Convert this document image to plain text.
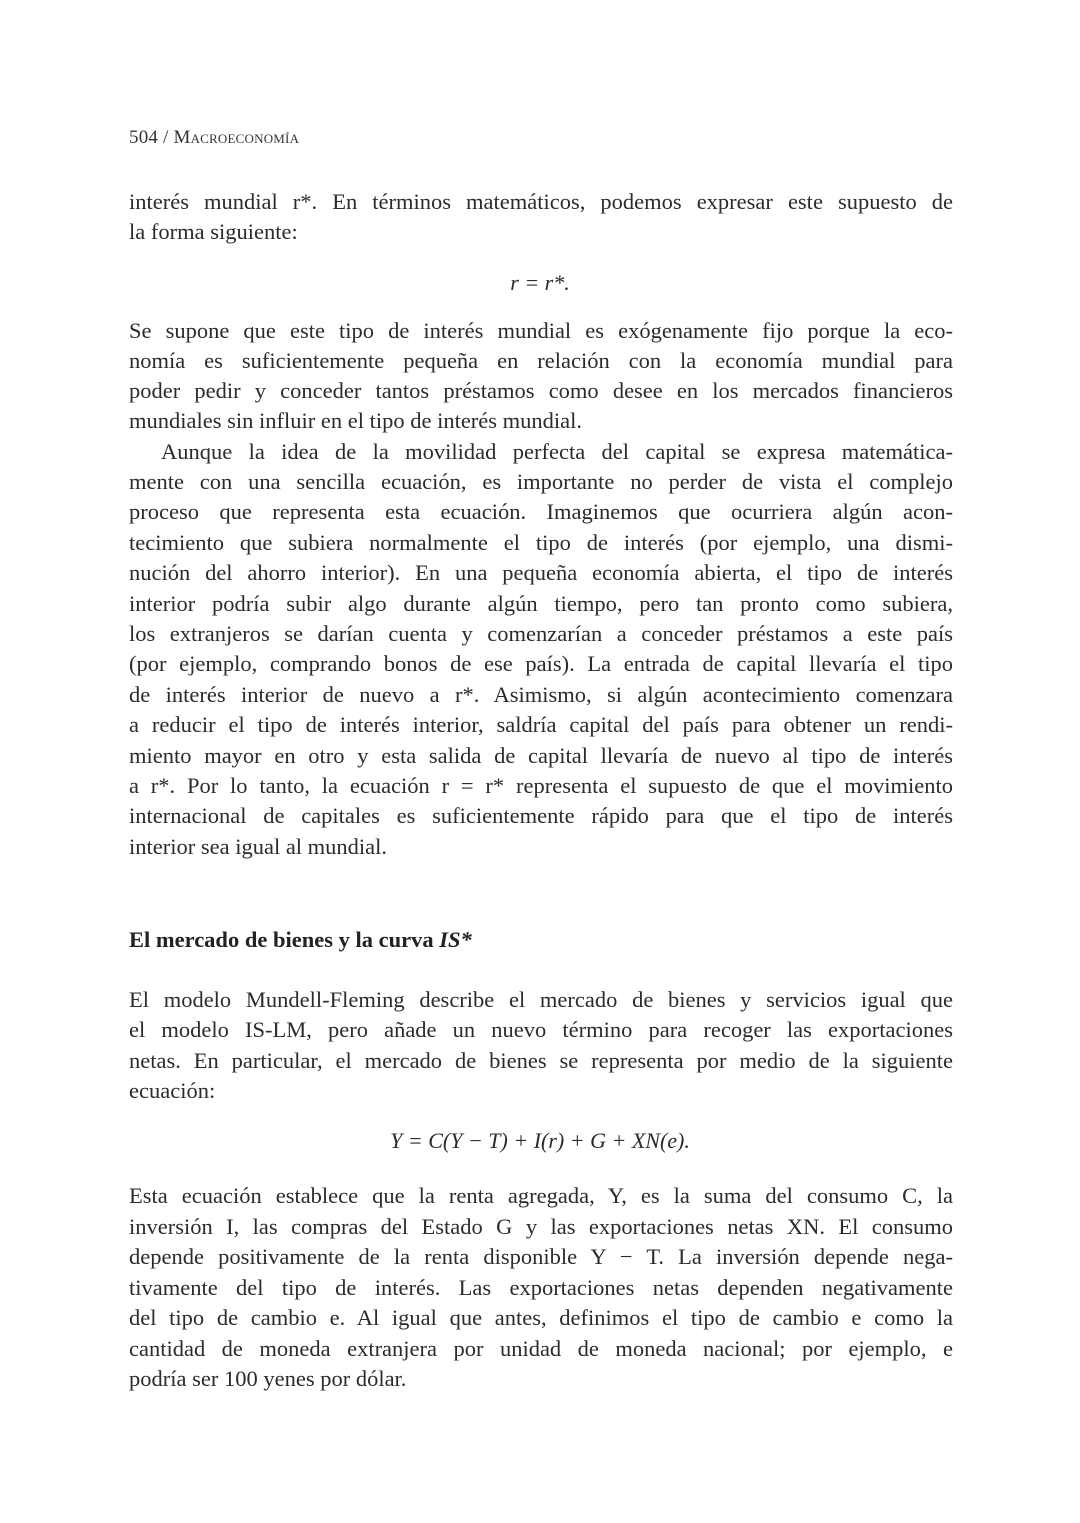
504 / Macroeconomía
interés mundial r*. En términos matemáticos, podemos expresar este supuesto de
la forma siguiente:
r = r*.
Se supone que este tipo de interés mundial es exógenamente fijo porque la eco-
nomía es suficientemente pequeña en relación con la economía mundial para
poder pedir y conceder tantos préstamos como desee en los mercados financieros
mundiales sin influir en el tipo de interés mundial.
Aunque la idea de la movilidad perfecta del capital se expresa matemática-
mente con una sencilla ecuación, es importante no perder de vista el complejo
proceso que representa esta ecuación. Imaginemos que ocurriera algún acon-
tecimiento que subiera normalmente el tipo de interés (por ejemplo, una dismi-
nución del ahorro interior). En una pequeña economía abierta, el tipo de interés
interior podría subir algo durante algún tiempo, pero tan pronto como subiera,
los extranjeros se darían cuenta y comenzarían a conceder préstamos a este país
(por ejemplo, comprando bonos de ese país). La entrada de capital llevaría el tipo
de interés interior de nuevo a r*. Asimismo, si algún acontecimiento comenzara
a reducir el tipo de interés interior, saldría capital del país para obtener un rendi-
miento mayor en otro y esta salida de capital llevaría de nuevo al tipo de interés
a r*. Por lo tanto, la ecuación r = r* representa el supuesto de que el movimiento
internacional de capitales es suficientemente rápido para que el tipo de interés
interior sea igual al mundial.
El mercado de bienes y la curva IS*
El modelo Mundell-Fleming describe el mercado de bienes y servicios igual que
el modelo IS-LM, pero añade un nuevo término para recoger las exportaciones
netas. En particular, el mercado de bienes se representa por medio de la siguiente
ecuación:
Y = C(Y − T) + I(r) + G + XN(e).
Esta ecuación establece que la renta agregada, Y, es la suma del consumo C, la
inversión I, las compras del Estado G y las exportaciones netas XN. El consumo
depende positivamente de la renta disponible Y − T. La inversión depende nega-
tivamente del tipo de interés. Las exportaciones netas dependen negativamente
del tipo de cambio e. Al igual que antes, definimos el tipo de cambio e como la
cantidad de moneda extranjera por unidad de moneda nacional; por ejemplo, e
podría ser 100 yenes por dólar.
